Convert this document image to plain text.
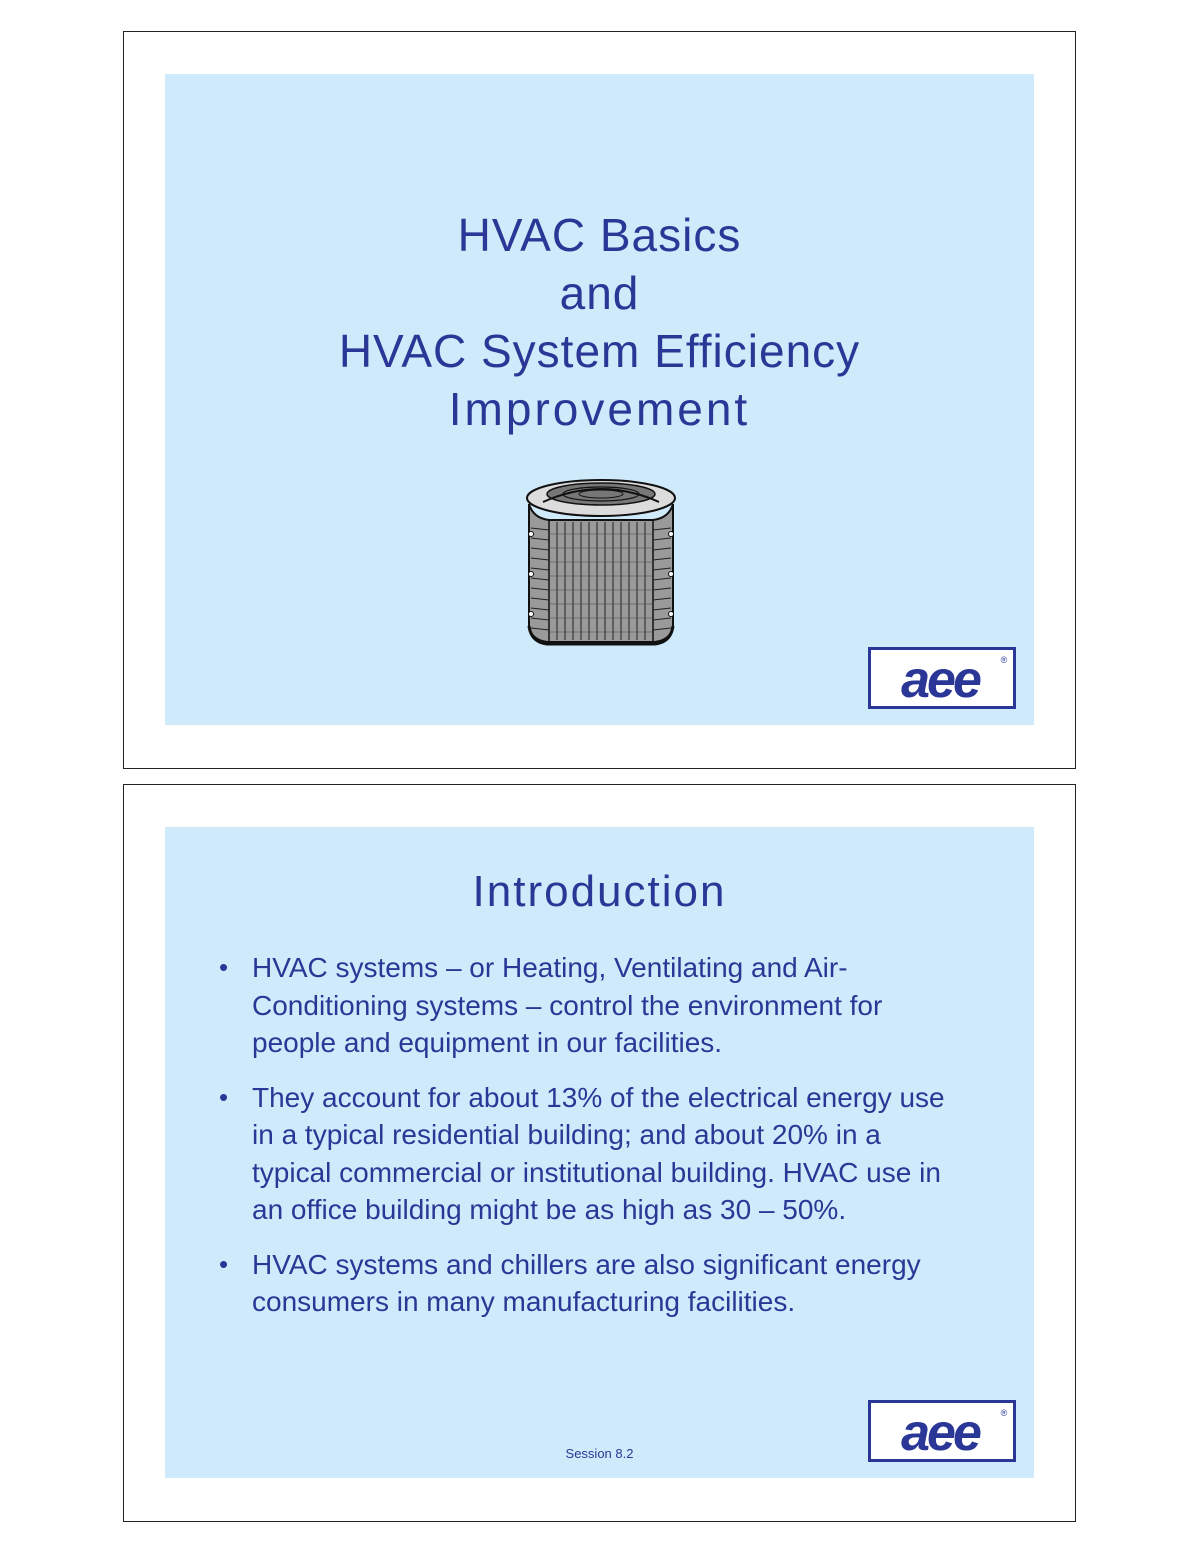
HVAC Basics
and
HVAC System Efficiency
Improvement
aee ®
Introduction
• HVAC systems – or Heating, Ventilating and Air-Conditioning systems – control the environment for people and equipment in our facilities.
• They account for about 13% of the electrical energy use in a typical residential building; and about 20% in a typical commercial or institutional building. HVAC use in an office building might be as high as 30 – 50%.
• HVAC systems and chillers are also significant energy consumers in many manufacturing facilities.
Session 8.2	aee ®
